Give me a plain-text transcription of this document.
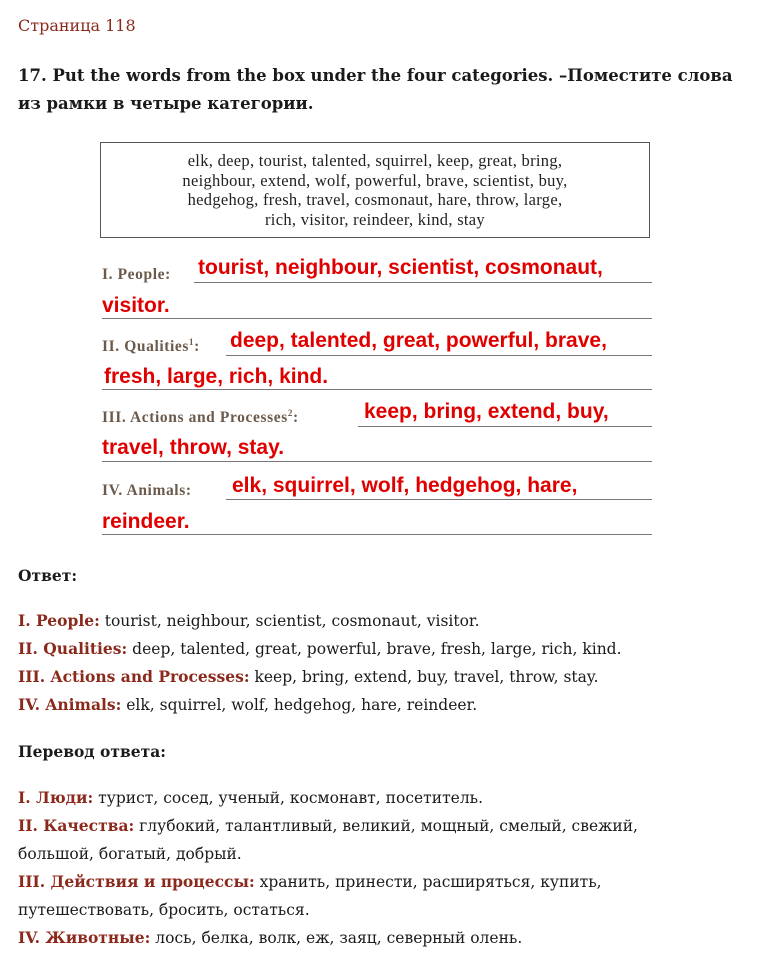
Страница 118
17. Put the words from the box under the four categories. –Поместите слова из рамки в четыре категории.
elk, deep, tourist, talented, squirrel, keep, great, bring,
neighbour, extend, wolf, powerful, brave, scientist, buy,
hedgehog, fresh, travel, cosmonaut, hare, throw, large,
rich, visitor, reindeer, kind, stay
I. People: tourist, neighbour, scientist, cosmonaut,
visitor.
II. Qualities$^1$: deep, talented, great, powerful, brave,
fresh, large, rich, kind.
III. Actions and Processes$^2$:	keep, bring, extend, buy,
travel, throw, stay.
IV. Animals: elk, squirrel, wolf, hedgehog, hare,
reindeer.
Ответ:

I. People: tourist, neighbour, scientist, cosmonaut, visitor.

II. Qualities: deep, talented, great, powerful, brave, fresh, large, rich, kind.

III. Actions and Processes: keep, bring, extend, buy, travel, throw, stay.

IV. Animals: elk, squirrel, wolf, hedgehog, hare, reindeer.

Перевод ответа:

I. Люди: турист, сосед, ученый, космонавт, посетитель.

II. Качества: глубокий, талантливый, великий, мощный, смелый, свежий, большой, богатый, добрый.

III. Действия и процессы: хранить, принести, расширяться, купить, путешествовать, бросить, остаться.

IV. Животные: лось, белка, волк, еж, заяц, северный олень.
